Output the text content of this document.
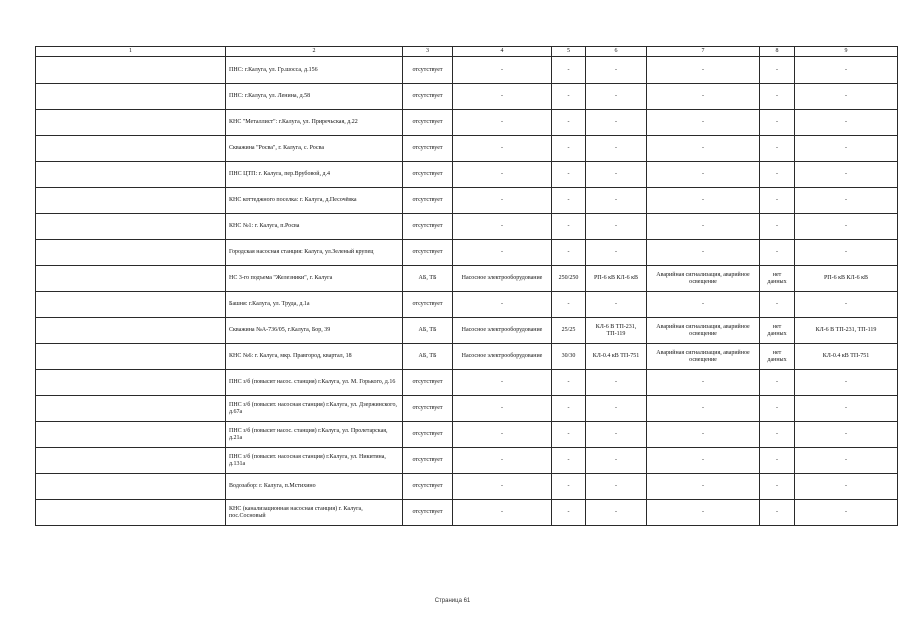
1	2	3	4	5	6	7	8	9
	ПНС: г.Калуга, ул. Гр.шосса, д.156	отсутствует	-	-	-	-	-	-
	ПНС: г.Калуга, ул. Ленина, д.58	отсутствует	-	-	-	-	-	-
	КНС "Металлист": г.Калуга, ул. Приречьская, д.22	отсутствует	-	-	-	-	-	-
	Скважина "Росва", г. Калуга, с. Росва	отсутствует	-	-	-	-	-	-
	ПНС ЦТП: г. Калуга, пер.Врубовой, д.4	отсутствует	-	-	-	-	-	-
	КНС коттеджного поселка: г. Калуга, д.Песочёвка	отсутствует	-	-	-	-	-	-
	КНС №1: г. Калуга, п.Росва	отсутствует	-	-	-	-	-	-
	Городская насосная станция: Калуга, ул.Зеленый крупец	отсутствует	-	-	-	-	-	-
	НС 3-го подъема "Железники", г. Калуга	АБ, ТБ	Насосное электрооборудование	250/250	РП-6 кВ КЛ-6 кВ	Аварийная сигнализация, аварийное освещение	нет данных	РП-6 кВ КЛ-6 кВ
	Башня: г.Калуга, ул. Труда, д.1а	отсутствует	-	-	-	-	-	-
	Скважина №А-736/05, г.Калуга, Бор, 39	АБ, ТБ	Насосное электрооборудование	25/25	КЛ-6 В ТП-231, ТП-119	Аварийная сигнализация, аварийное освещение	нет данных	КЛ-6 В ТП-231, ТП-119
	КНС №6: г. Калуга, мкр. Правгород, квартал, 18	АБ, ТБ	Насосное электрооборудование	30/30	КЛ-0.4 кВ ТП-751	Аварийная сигнализация, аварийное освещение	нет данных	КЛ-0.4 кВ ТП-751
	ПНС з/б (повысит насос. станция) г.Калуга, ул. М. Горького, д.16	отсутствует	-	-	-	-	-	-
	ПНС з/б (повысит. насосная станция) г.Калуга, ул. Дзержинского, д.67а	отсутствует	-	-	-	-	-	-
	ПНС з/б (повысит насос. станция) г.Калуга, ул. Пролетарская, д.21а	отсутствует	-	-	-	-	-	-
	ПНС з/б (повысит. насосная станция) г.Калуга, ул. Никитина, д.131а	отсутствует	-	-	-	-	-	-
	Водозабор: г. Калуга, п.Мстихино	отсутствует	-	-	-	-	-	-
	КНС (канализационная насосная станция) г. Калуга, пос.Сосновый	отсутствует	-	-	-	-	-	-
Страница 61
